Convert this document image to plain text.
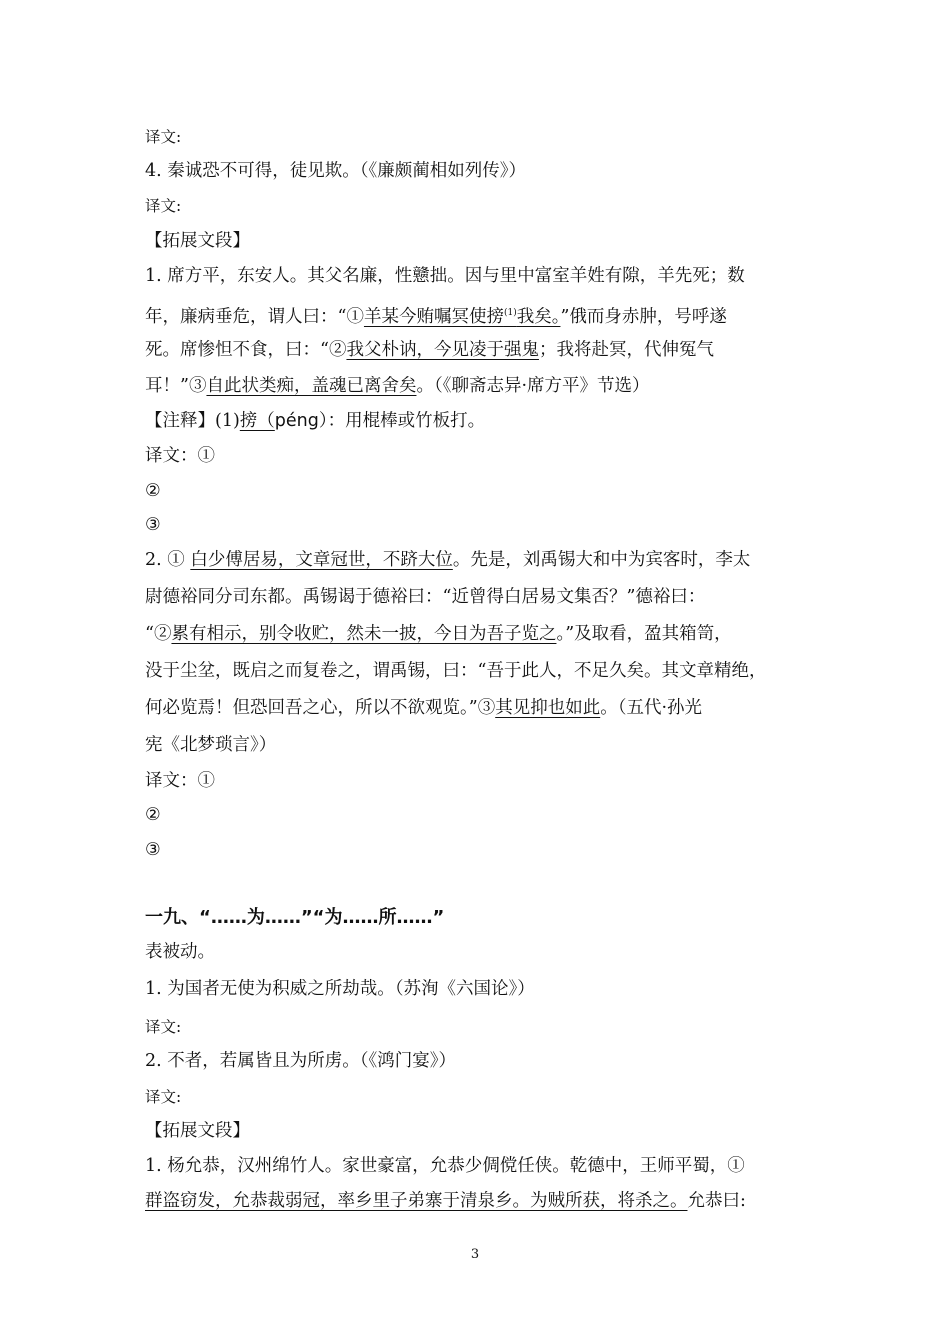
译文:
4. 秦诚恐不可得，徒见欺。（《廉颇蔺相如列传》）
译文:
【拓展文段】
1. 席方平，东安人。其父名廉，性戆拙。因与里中富室羊姓有隙，羊先死；数
年，廉病垂危，谓人曰：“①羊某今贿嘱冥使搒$^{(1)}$我矣。”俄而身赤肿，号呼遂
死。席惨怛不食，曰：“②我父朴讷，今见凌于强鬼；我将赴冥，代伸冤气
耳！”③自此状类痴，盖魂已离舍矣。（《聊斋志异·席方平》节选）
【注释】(1)搒（péng）：用棍棒或竹板打。
译文：①
②
③
2. ① 白少傅居易，文章冠世，不跻大位。先是，刘禹锡大和中为宾客时，李太
尉德裕同分司东都。禹锡谒于德裕曰：“近曾得白居易文集否？”德裕曰：
“②累有相示，别令收贮，然未一披，今日为吾子览之。”及取看，盈其箱笥，
没于尘坌，既启之而复卷之，谓禹锡，曰：“吾于此人，不足久矣。其文章精绝，
何必览焉！但恐回吾之心，所以不欲观览。”③其见抑也如此。（五代·孙光
宪《北梦琐言》）
译文：①
②
③
一九、“……为……”“为……所……”
表被动。
1. 为国者无使为积威之所劫哉。（苏洵《六国论》）
译文:
2. 不者，若属皆且为所虏。（《鸿门宴》）
译文:
【拓展文段】
1. 杨允恭，汉州绵竹人。家世豪富，允恭少倜傥任侠。乾德中，王师平蜀，①
群盗窃发，允恭裁弱冠，率乡里子弟寨于清泉乡。为贼所获，将杀之。允恭曰:
3
